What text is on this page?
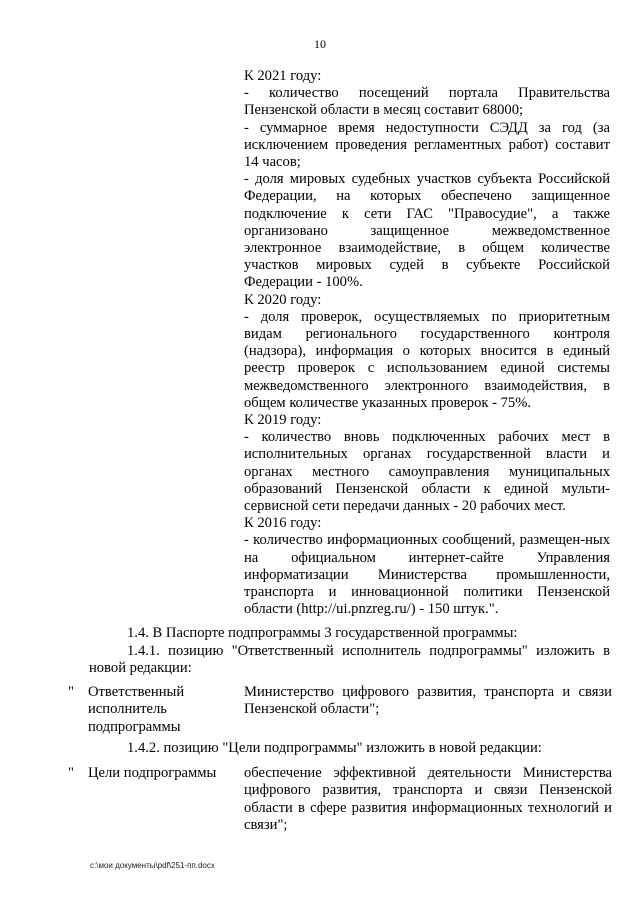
10

К 2021 году:

- количество посещений портала Правительства Пензенской области в месяц составит 68000;

- суммарное время недоступности СЭДД за год (за исключением проведения регламентных работ) составит 14 часов;

- доля мировых судебных участков субъекта Российской Федерации, на которых обеспечено защищенное подключение к сети ГАС "Правосудие", а также организовано защищенное межведомственное электронное взаимодействие, в общем количестве участков мировых судей в субъекте Российской Федерации - 100%.

К 2020 году:

- доля проверок, осуществляемых по приоритетным видам регионального государственного контроля (надзора), информация о которых вносится в единый реестр проверок с использованием единой системы межведомственного электронного взаимодействия, в общем количестве указанных проверок - 75%.

К 2019 году:

- количество вновь подключенных рабочих мест в исполнительных органах государственной власти и органах местного самоуправления муниципальных образований Пензенской области к единой мульти-сервисной сети передачи данных - 20 рабочих мест.

К 2016 году:

- количество информационных сообщений, размещен-ных на официальном интернет-сайте Управления информатизации Министерства промышленности, транспорта и инновационной политики Пензенской области (http://ui.pnzreg.ru/) - 150 штук.".

1.4. В Паспорте подпрограммы 3 государственной программы:
1.4.1. позицию "Ответственный исполнитель подпрограммы" изложить в новой редакции:
" Ответственный исполнитель подпрограммы
Министерство цифрового развития, транспорта и связи Пензенской области";
1.4.2. позицию "Цели подпрограммы" изложить в новой редакции:
" Цели подпрограммы	обеспечение эффективной деятельности Министерства цифрового развития, транспорта и связи Пензенской области в сфере развития информационных технологий и связи";
c:\мои документы\pdf\251-пп.docx
